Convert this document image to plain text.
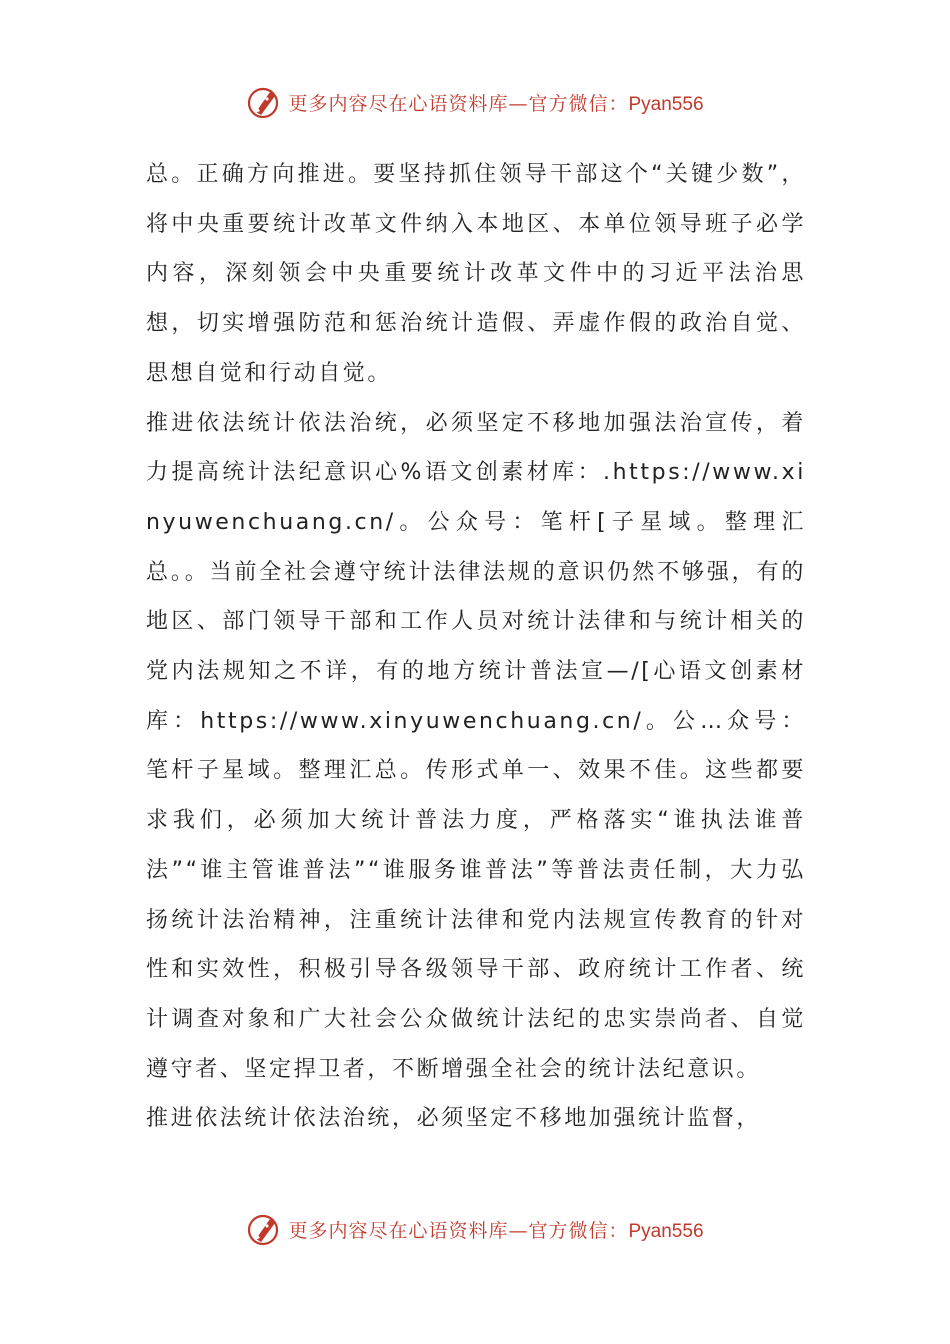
更多内容尽在心语资料库—官方微信：Pyan556

总。正确方向推进。要坚持抓住领导干部这个“关键少数”，将中央重要统计改革文件纳入本地区、本单位领导班子必学内容，深刻领会中央重要统计改革文件中的习近平法治思想，切实增强防范和惩治统计造假、弄虚作假的政治自觉、思想自觉和行动自觉。

推进依法统计依法治统，必须坚定不移地加强法治宣传，着力提高统计法纪意识心%语文创素材库：.https://www.xinyuwenchuang.cn/。公众号：笔杆[子星域。整理汇总。。当前全社会遵守统计法律法规的意识仍然不够强，有的地区、部门领导干部和工作人员对统计法律和与统计相关的党内法规知之不详，有的地方统计普法宣—/[心语文创素材库：https://www.xinyuwenchuang.cn/。公…众号：笔杆子星域。整理汇总。传形式单一、效果不佳。这些都要求我们，必须加大统计普法力度，严格落实“谁执法谁普法”“谁主管谁普法”“谁服务谁普法”等普法责任制，大力弘扬统计法治精神，注重统计法律和党内法规宣传教育的针对性和实效性，积极引导各级领导干部、政府统计工作者、统计调查对象和广大社会公众做统计法纪的忠实崇尚者、自觉遵守者、坚定捍卫者，不断增强全社会的统计法纪意识。

推进依法统计依法治统，必须坚定不移地加强统计监督，

更多内容尽在心语资料库—官方微信：Pyan556
